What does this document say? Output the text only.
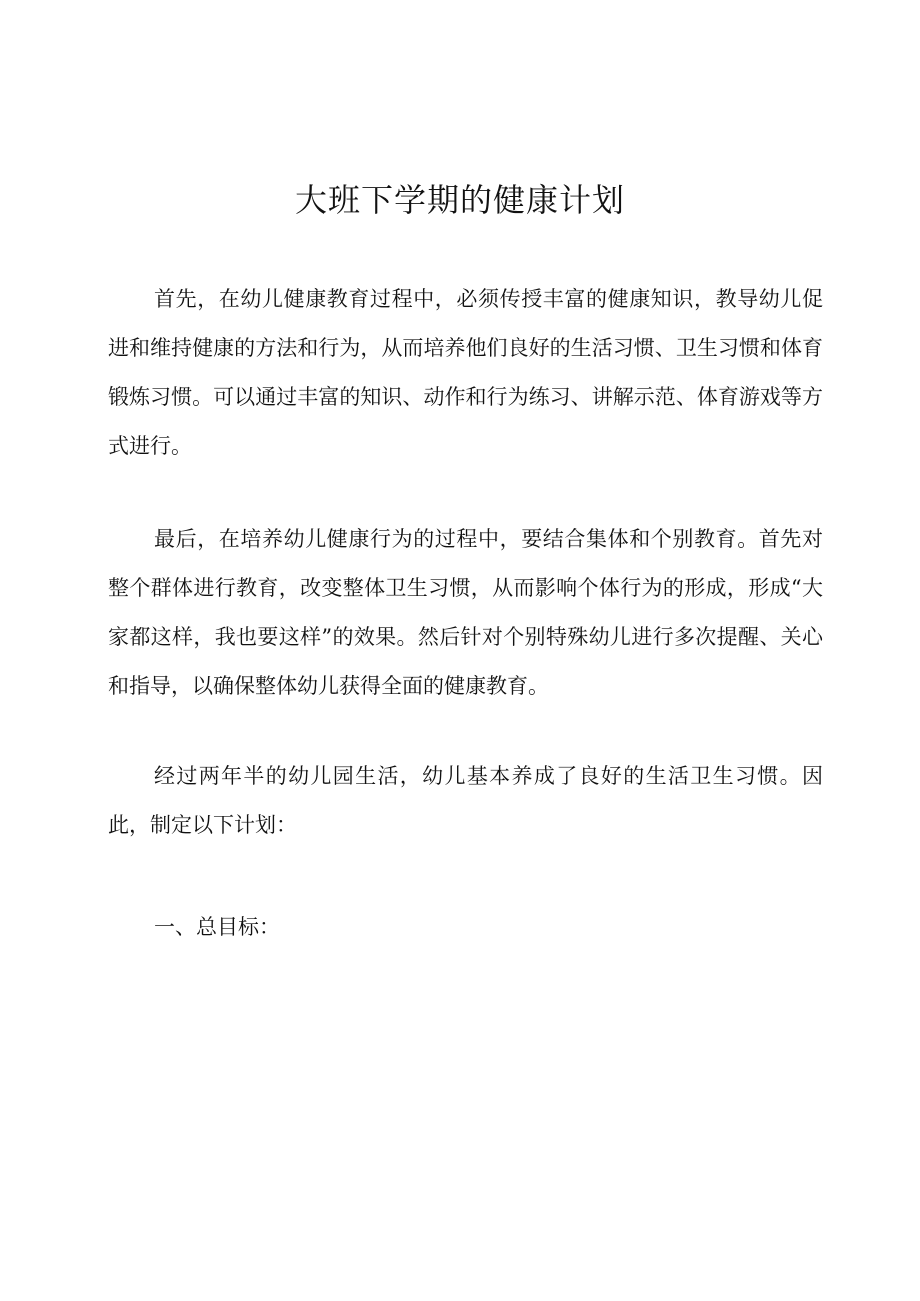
大班下学期的健康计划

首先，在幼儿健康教育过程中，必须传授丰富的健康知识，教导幼儿促进和维持健康的方法和行为，从而培养他们良好的生活习惯、卫生习惯和体育锻炼习惯。可以通过丰富的知识、动作和行为练习、讲解示范、体育游戏等方式进行。

最后，在培养幼儿健康行为的过程中，要结合集体和个别教育。首先对整个群体进行教育，改变整体卫生习惯，从而影响个体行为的形成，形成“大家都这样，我也要这样”的效果。然后针对个别特殊幼儿进行多次提醒、关心和指导，以确保整体幼儿获得全面的健康教育。

经过两年半的幼儿园生活，幼儿基本养成了良好的生活卫生习惯。因此，制定以下计划：

一、总目标：
